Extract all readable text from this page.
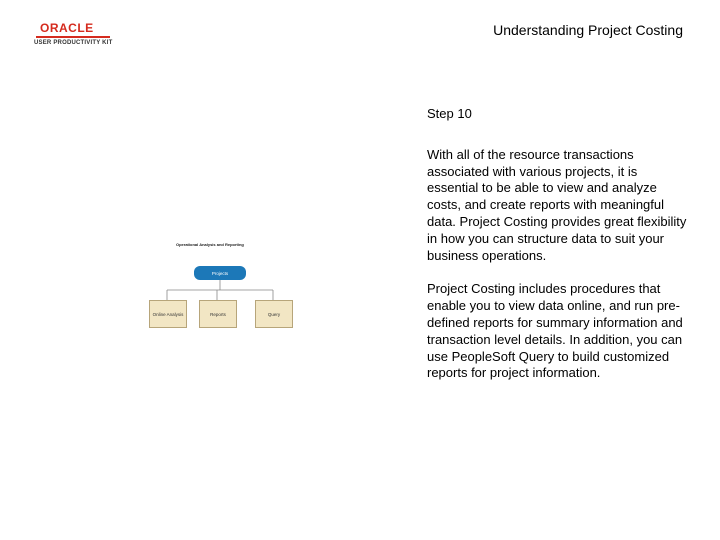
ORACLE
USER PRODUCTIVITY KIT
Understanding Project Costing
Operational Analysis and Reporting
Projects
Online Analysis	Reports	Query

Step 10

With all of the resource transactions associated with various projects, it is essential to be able to view and analyze costs, and create reports with meaningful data. Project Costing provides great flexibility in how you can structure data to suit your business operations.

Project Costing includes procedures that enable you to view data online, and run pre-defined reports for summary information and transaction level details. In addition, you can use PeopleSoft Query to build customized reports for project information.
